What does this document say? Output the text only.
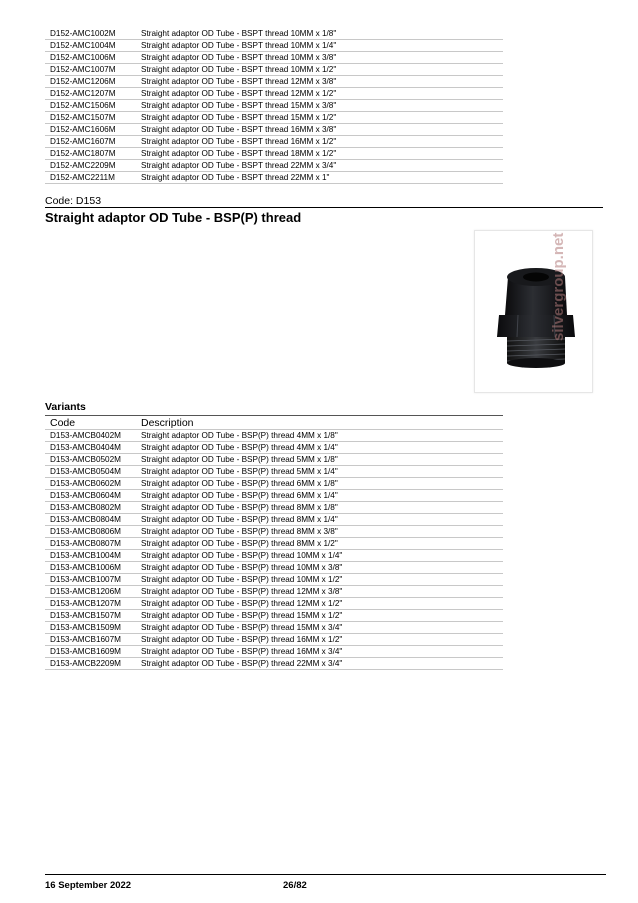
D152-AMC1002M	Straight adaptor OD Tube - BSPT thread 10MM x 1/8"
D152-AMC1004M	Straight adaptor OD Tube - BSPT thread 10MM x 1/4"
D152-AMC1006M	Straight adaptor OD Tube - BSPT thread 10MM x 3/8"
D152-AMC1007M	Straight adaptor OD Tube - BSPT thread 10MM x 1/2"
D152-AMC1206M	Straight adaptor OD Tube - BSPT thread 12MM x 3/8"
D152-AMC1207M	Straight adaptor OD Tube - BSPT thread 12MM x 1/2"
D152-AMC1506M	Straight adaptor OD Tube - BSPT thread 15MM x 3/8"
D152-AMC1507M	Straight adaptor OD Tube - BSPT thread 15MM x 1/2"
D152-AMC1606M	Straight adaptor OD Tube - BSPT thread 16MM x 3/8"
D152-AMC1607M	Straight adaptor OD Tube - BSPT thread 16MM x 1/2"
D152-AMC1807M	Straight adaptor OD Tube - BSPT thread 18MM x 1/2"
D152-AMC2209M	Straight adaptor OD Tube - BSPT thread 22MM x 3/4"
D152-AMC2211M	Straight adaptor OD Tube - BSPT thread 22MM x 1"
Code: D153
Straight adaptor OD Tube - BSP(P) thread
silvergroup.net
Variants
Code	Description
D153-AMCB0402M	Straight adaptor OD Tube - BSP(P) thread 4MM x 1/8"
D153-AMCB0404M	Straight adaptor OD Tube - BSP(P) thread 4MM x 1/4"
D153-AMCB0502M	Straight adaptor OD Tube - BSP(P) thread 5MM x 1/8"
D153-AMCB0504M	Straight adaptor OD Tube - BSP(P) thread 5MM x 1/4"
D153-AMCB0602M	Straight adaptor OD Tube - BSP(P) thread 6MM x 1/8"
D153-AMCB0604M	Straight adaptor OD Tube - BSP(P) thread 6MM x 1/4"
D153-AMCB0802M	Straight adaptor OD Tube - BSP(P) thread 8MM x 1/8"
D153-AMCB0804M	Straight adaptor OD Tube - BSP(P) thread 8MM x 1/4"
D153-AMCB0806M	Straight adaptor OD Tube - BSP(P) thread 8MM x 3/8"
D153-AMCB0807M	Straight adaptor OD Tube - BSP(P) thread 8MM x 1/2"
D153-AMCB1004M	Straight adaptor OD Tube - BSP(P) thread 10MM x 1/4"
D153-AMCB1006M	Straight adaptor OD Tube - BSP(P) thread 10MM x 3/8"
D153-AMCB1007M	Straight adaptor OD Tube - BSP(P) thread 10MM x 1/2"
D153-AMCB1206M	Straight adaptor OD Tube - BSP(P) thread 12MM x 3/8"
D153-AMCB1207M	Straight adaptor OD Tube - BSP(P) thread 12MM x 1/2"
D153-AMCB1507M	Straight adaptor OD Tube - BSP(P) thread 15MM x 1/2"
D153-AMCB1509M	Straight adaptor OD Tube - BSP(P) thread 15MM x 3/4"
D153-AMCB1607M	Straight adaptor OD Tube - BSP(P) thread 16MM x 1/2"
D153-AMCB1609M	Straight adaptor OD Tube - BSP(P) thread 16MM x 3/4"
D153-AMCB2209M	Straight adaptor OD Tube - BSP(P) thread 22MM x 3/4"
16 September 2022	26/82
